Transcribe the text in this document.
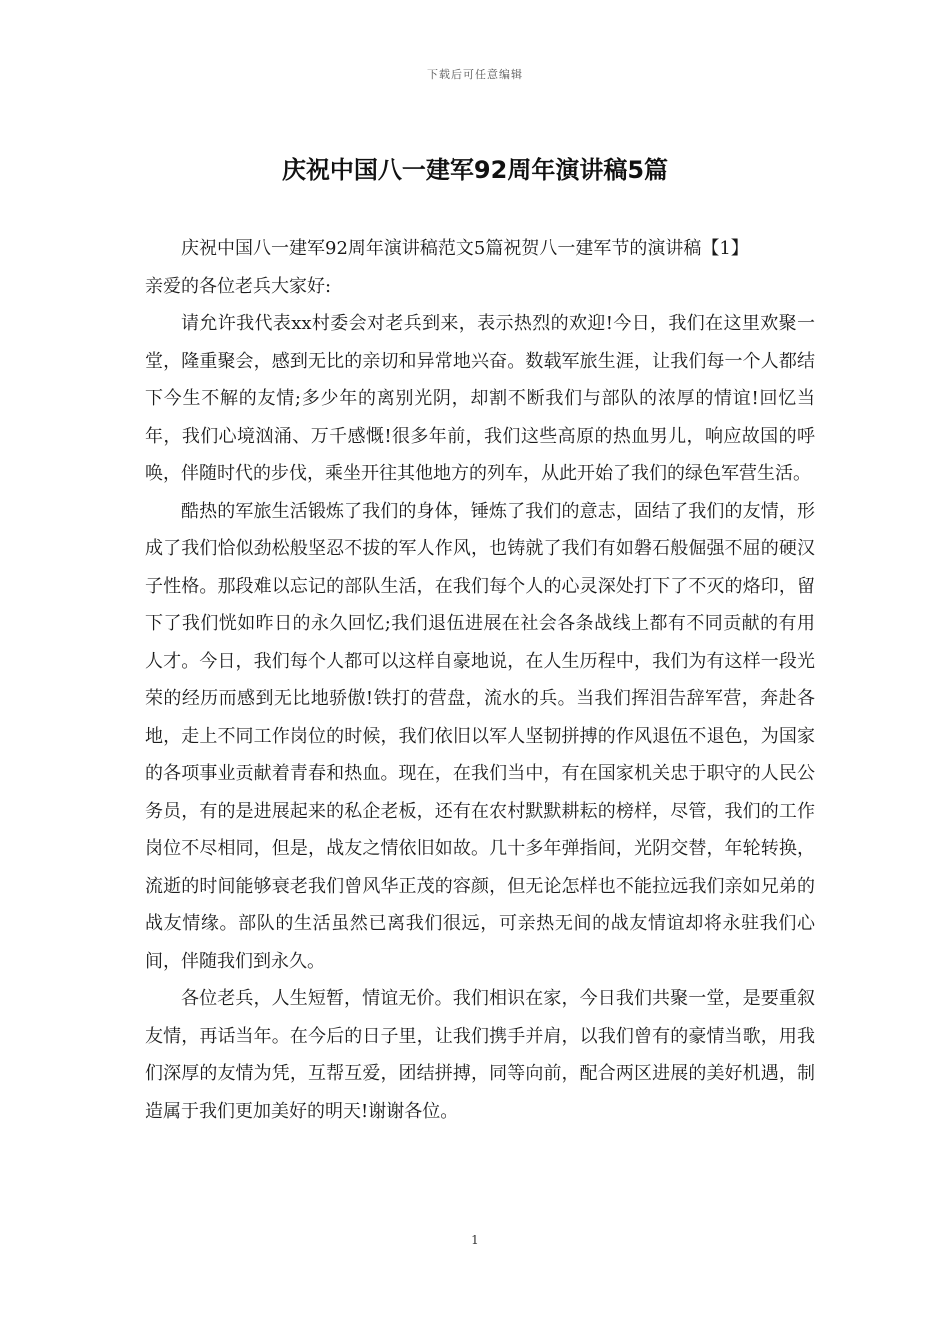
下载后可任意编辑
庆祝中国八一建军92周年演讲稿5篇

庆祝中国八一建军92周年演讲稿范文5篇祝贺八一建军节的演讲稿【1】

亲爱的各位老兵大家好:

请允许我代表xx村委会对老兵到来，表示热烈的欢迎!今日，我们在这里欢聚一堂，隆重聚会，感到无比的亲切和异常地兴奋。数载军旅生涯，让我们每一个人都结下今生不解的友情;多少年的离别光阴，却割不断我们与部队的浓厚的情谊!回忆当年，我们心境汹涌、万千感慨!很多年前，我们这些高原的热血男儿，响应故国的呼唤，伴随时代的步伐，乘坐开往其他地方的列车，从此开始了我们的绿色军营生活。

酷热的军旅生活锻炼了我们的身体，锤炼了我们的意志，固结了我们的友情，形成了我们恰似劲松般坚忍不拔的军人作风，也铸就了我们有如磐石般倔强不屈的硬汉子性格。那段难以忘记的部队生活，在我们每个人的心灵深处打下了不灭的烙印，留下了我们恍如昨日的永久回忆;我们退伍进展在社会各条战线上都有不同贡献的有用人才。今日，我们每个人都可以这样自豪地说，在人生历程中，我们为有这样一段光荣的经历而感到无比地骄傲!铁打的营盘，流水的兵。当我们挥泪告辞军营，奔赴各地，走上不同工作岗位的时候，我们依旧以军人坚韧拼搏的作风退伍不退色，为国家的各项事业贡献着青春和热血。现在，在我们当中，有在国家机关忠于职守的人民公务员，有的是进展起来的私企老板，还有在农村默默耕耘的榜样，尽管，我们的工作岗位不尽相同，但是，战友之情依旧如故。几十多年弹指间，光阴交替，年轮转换，流逝的时间能够衰老我们曾风华正茂的容颜，但无论怎样也不能拉远我们亲如兄弟的战友情缘。部队的生活虽然已离我们很远，可亲热无间的战友情谊却将永驻我们心间，伴随我们到永久。

各位老兵，人生短暂，情谊无价。我们相识在家，今日我们共聚一堂，是要重叙友情，再话当年。在今后的日子里，让我们携手并肩，以我们曾有的豪情当歌，用我们深厚的友情为凭，互帮互爱，团结拼搏，同等向前，配合两区进展的美好机遇，制造属于我们更加美好的明天!谢谢各位。

1
